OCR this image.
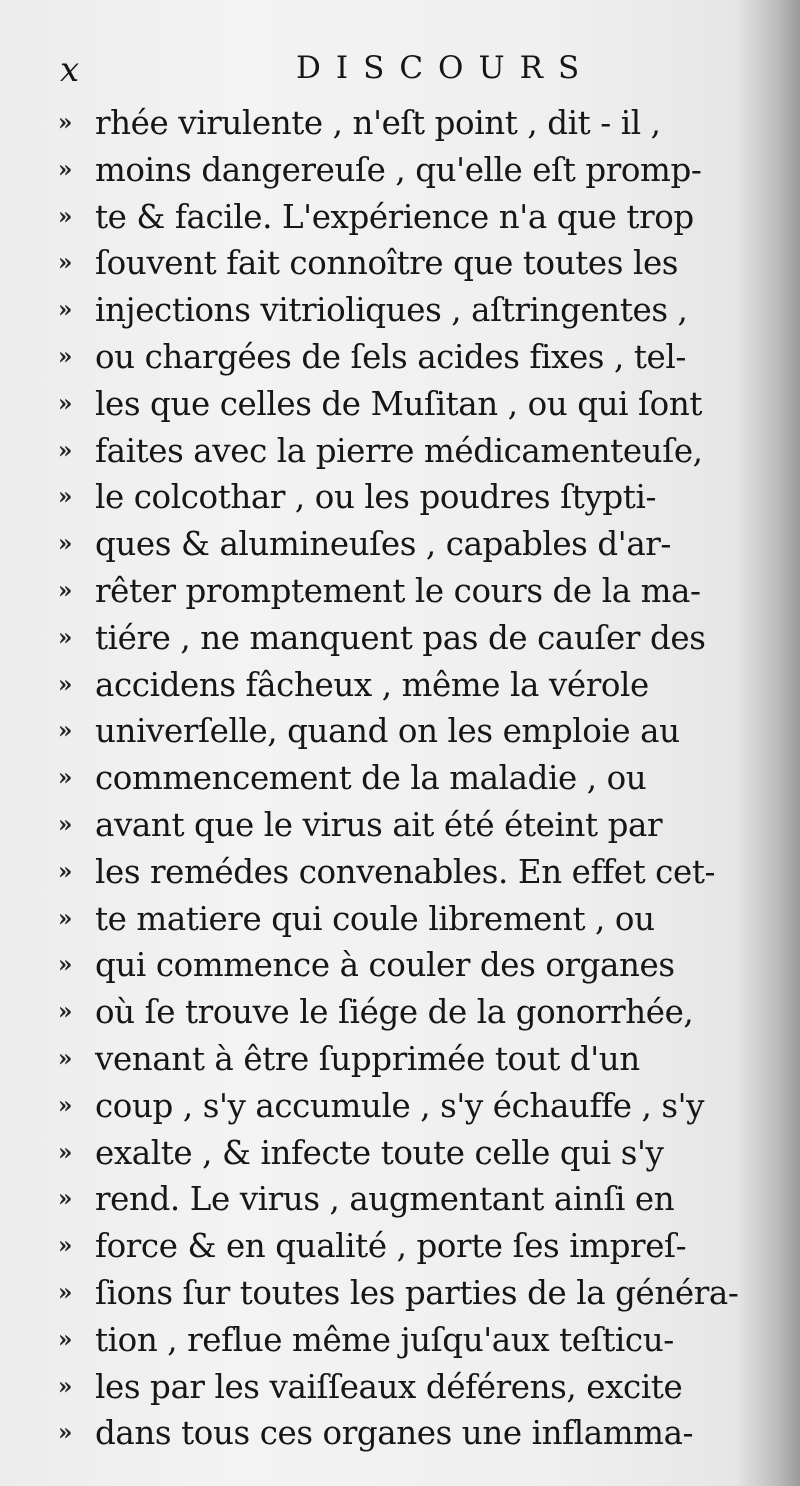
x	DISCOURS
» rhée virulente , n'eſt point , dit - il ,
» moins dangereuſe , qu'elle eſt promp-
» te & facile. L'expérience n'a que trop
» ſouvent fait connoître que toutes les
» injections vitrioliques , aſtringentes ,
» ou chargées de ſels acides fixes , tel-
» les que celles de Muſitan , ou qui ſont
» faites avec la pierre médicamenteuſe,
» le colcothar , ou les poudres ſtypti-
» ques & alumineuſes , capables d'ar-
» rêter promptement le cours de la ma-
» tiére , ne manquent pas de cauſer des
» accidens fâcheux , même la vérole
» univerſelle, quand on les emploie au
» commencement de la maladie , ou
» avant que le virus ait été éteint par
» les remédes convenables. En effet cet-
» te matiere qui coule librement , ou
» qui commence à couler des organes
» où ſe trouve le ſiége de la gonorrhée,
» venant à être ſupprimée tout d'un
» coup , s'y accumule , s'y échauffe , s'y
» exalte , & infecte toute celle qui s'y
» rend. Le virus , augmentant ainſi en
» force & en qualité , porte ſes impreſ-
» ſions ſur toutes les parties de la généra-
» tion , reflue même juſqu'aux teſticu-
» les par les vaiſſeaux déférens, excite
» dans tous ces organes une inflamma-
